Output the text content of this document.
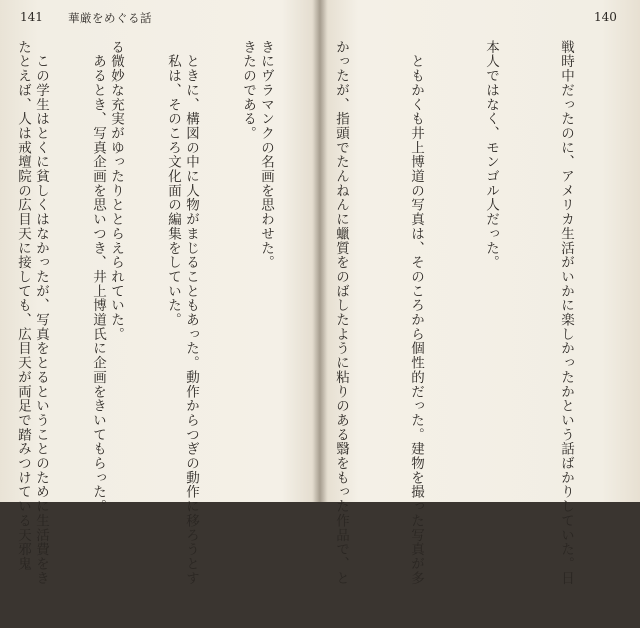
141 華厳をめぐる話

きたのである。

　私は、そのころ文化面の編集をしていた。

　あるとき、写真企画を思いつき、井上博道氏に企画をきいてもらった。

たとえば、人は戒壇院の広目天に接しても、広目天が両足で踏みつけている天邪鬼

140

戦時中だったのに、アメリカ生活がいかに楽しかったかという話ばかりしていた。日

本人ではなく、モンゴル人だった。

　ともかくも井上博道の写真は、そのころから個性的だった。建物を撮った写真が多

かったが、指頭でたんねんに蠟質をのばしたように粘りのある翳をもった作品で、と

きにヴラマンクの名画を思わせた。

　ときに、構図の中に人物がまじることもあった。動作からつぎの動作に移ろうとす

る微妙な充実がゆったりととらえられていた。

　この学生はとくに貧しくはなかったが、写真をとるということのために生活費をき
